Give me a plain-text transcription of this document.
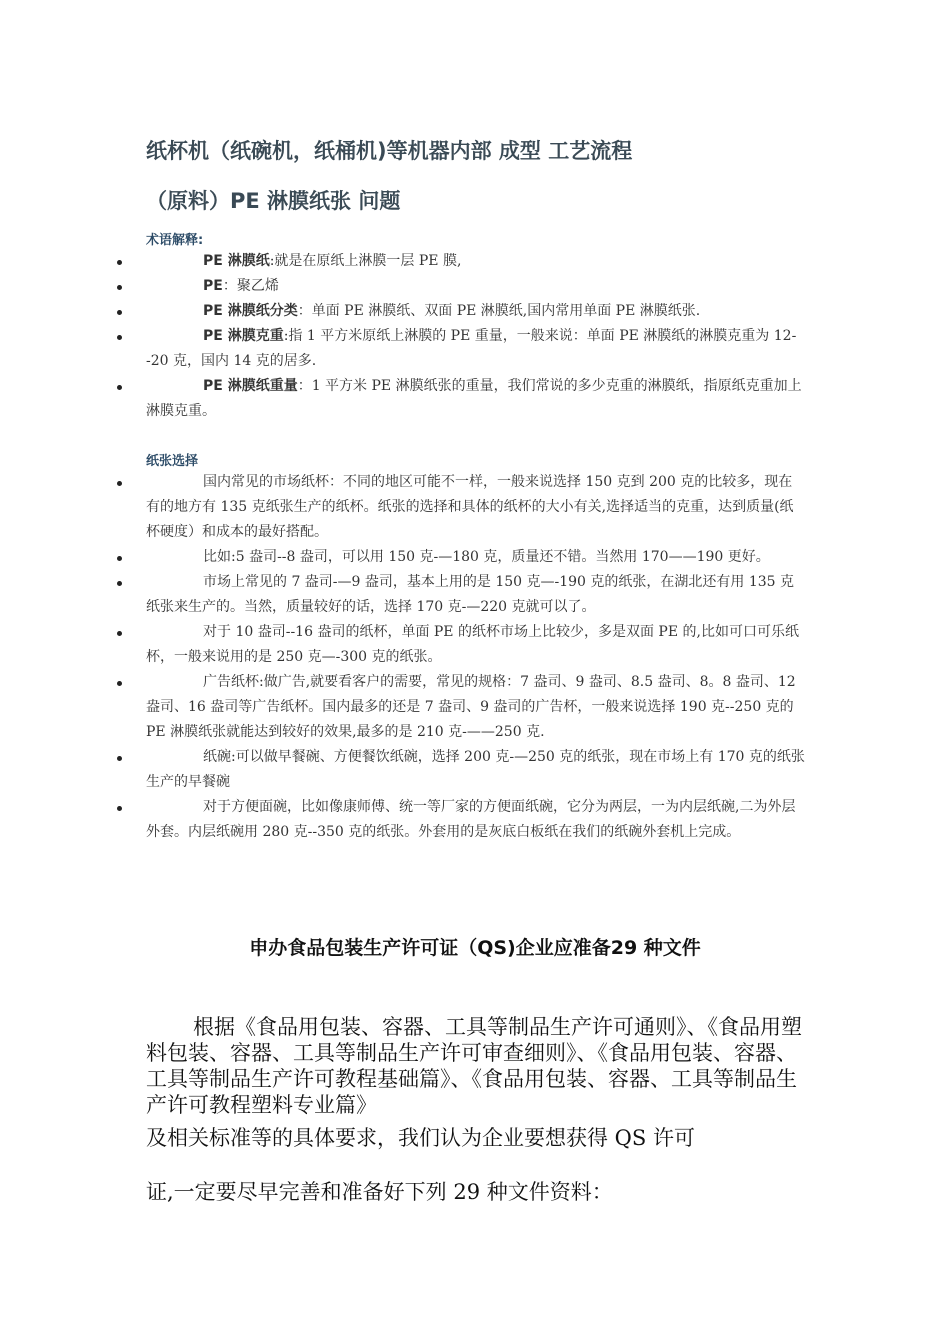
纸杯机（纸碗机，纸桶机)等机器内部 成型 工艺流程
（原料）PE 淋膜纸张 问题
术语解释:
PE 淋膜纸:就是在原纸上淋膜一层 PE 膜,
PE：聚乙烯
PE 淋膜纸分类：单面 PE 淋膜纸、双面 PE 淋膜纸,国内常用单面 PE 淋膜纸张.
PE 淋膜克重:指 1 平方米原纸上淋膜的 PE 重量，一般来说：单面 PE 淋膜纸的淋膜克重为 12--20 克，国内 14 克的居多.
PE 淋膜纸重量：1 平方米 PE 淋膜纸张的重量，我们常说的多少克重的淋膜纸，指原纸克重加上淋膜克重。
纸张选择
国内常见的市场纸杯：不同的地区可能不一样，一般来说选择 150 克到 200 克的比较多，现在有的地方有 135 克纸张生产的纸杯。纸张的选择和具体的纸杯的大小有关,选择适当的克重，达到质量(纸杯硬度）和成本的最好搭配。
比如:5 盎司--8 盎司，可以用 150 克-—180 克，质量还不错。当然用 170——190 更好。
市场上常见的 7 盎司-—9 盎司，基本上用的是 150 克—-190 克的纸张，在湖北还有用 135 克纸张来生产的。当然，质量较好的话，选择 170 克-—220 克就可以了。
对于 10 盎司--16 盎司的纸杯，单面 PE 的纸杯市场上比较少，多是双面 PE 的,比如可口可乐纸杯，一般来说用的是 250 克—-300 克的纸张。
广告纸杯:做广告,就要看客户的需要，常见的规格：7 盎司、9 盎司、8.5 盎司、8。8 盎司、12 盎司、16 盎司等广告纸杯。国内最多的还是 7 盎司、9 盎司的广告杯，一般来说选择 190 克--250 克的 PE 淋膜纸张就能达到较好的效果,最多的是 210 克-——250 克.
纸碗:可以做早餐碗、方便餐饮纸碗，选择 200 克-—250 克的纸张，现在市场上有 170 克的纸张生产的早餐碗
对于方便面碗，比如像康师傅、统一等厂家的方便面纸碗，它分为两层，一为内层纸碗,二为外层外套。内层纸碗用 280 克--350 克的纸张。外套用的是灰底白板纸在我们的纸碗外套机上完成。
申办食品包装生产许可证（QS)企业应准备29 种文件
根据《食品用包装、容器、工具等制品生产许可通则》、《食品用塑料包装、容器、工具等制品生产许可审查细则》、《食品用包装、容器、工具等制品生产许可教程基础篇》、《食品用包装、容器、工具等制品生产许可教程塑料专业篇》
及相关标准等的具体要求，我们认为企业要想获得 QS 许可
证,一定要尽早完善和准备好下列 29 种文件资料：
